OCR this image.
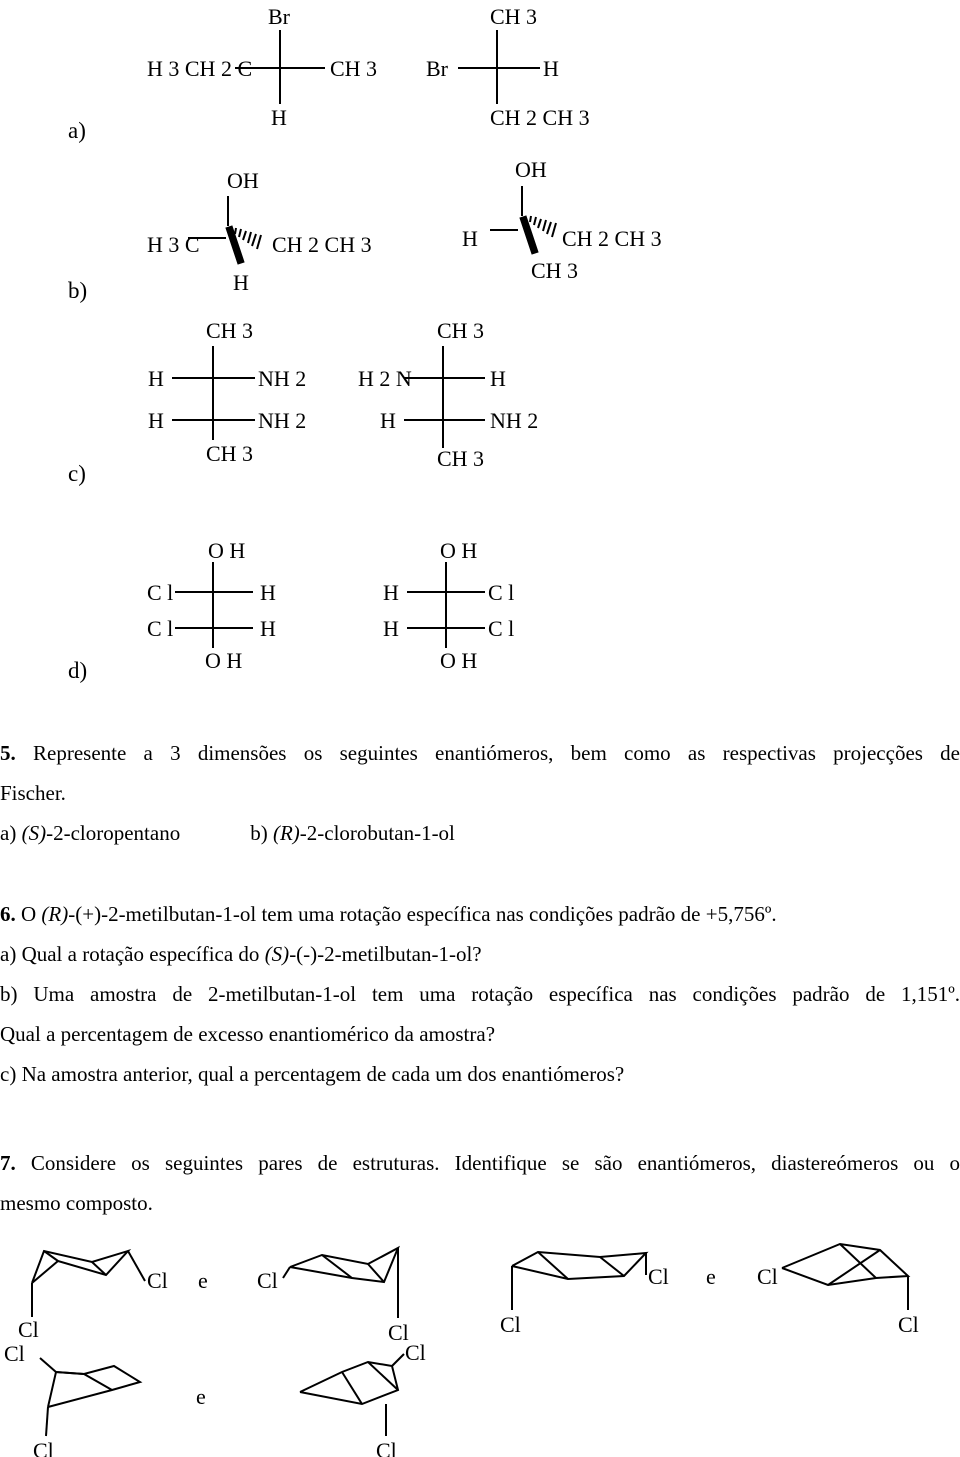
a)
Br
H 3 CH 2 C	CH 3
H
CH 3
Br	H
CH 2 CH 3
b)
OH
H 3 C	CH 2 CH 3
H
OH
H	CH 2 CH 3
CH 3
c)
CH 3
H	NH 2
H	NH 2
CH 3
CH 3
H 2 N	H
H	NH 2
CH 3
d)
O H
C l	H
C l	H
O H
O H
H	C l
H	C l
O H
Cl
Cl
e Cl
Cl
Cl
Cl
e Cl
Cl
Cl
Cl
e
Cl
Cl

5. Represente a 3 dimensões os seguintes enantiómeros, bem como as respectivas projecções de

Fischer.

a) (S)-2-cloropentano	b) (R)-2-clorobutan-1-ol

6. O (R)-(+)-2-metilbutan-1-ol tem uma rotação específica nas condições padrão de +5,756º.

a) Qual a rotação específica do (S)-(-)-2-metilbutan-1-ol?

b) Uma amostra de 2-metilbutan-1-ol tem uma rotação específica nas condições padrão de 1,151º.

Qual a percentagem de excesso enantiomérico da amostra?

c) Na amostra anterior, qual a percentagem de cada um dos enantiómeros?

7. Considere os seguintes pares de estruturas. Identifique se são enantiómeros, diastereómeros ou o

mesmo composto.
